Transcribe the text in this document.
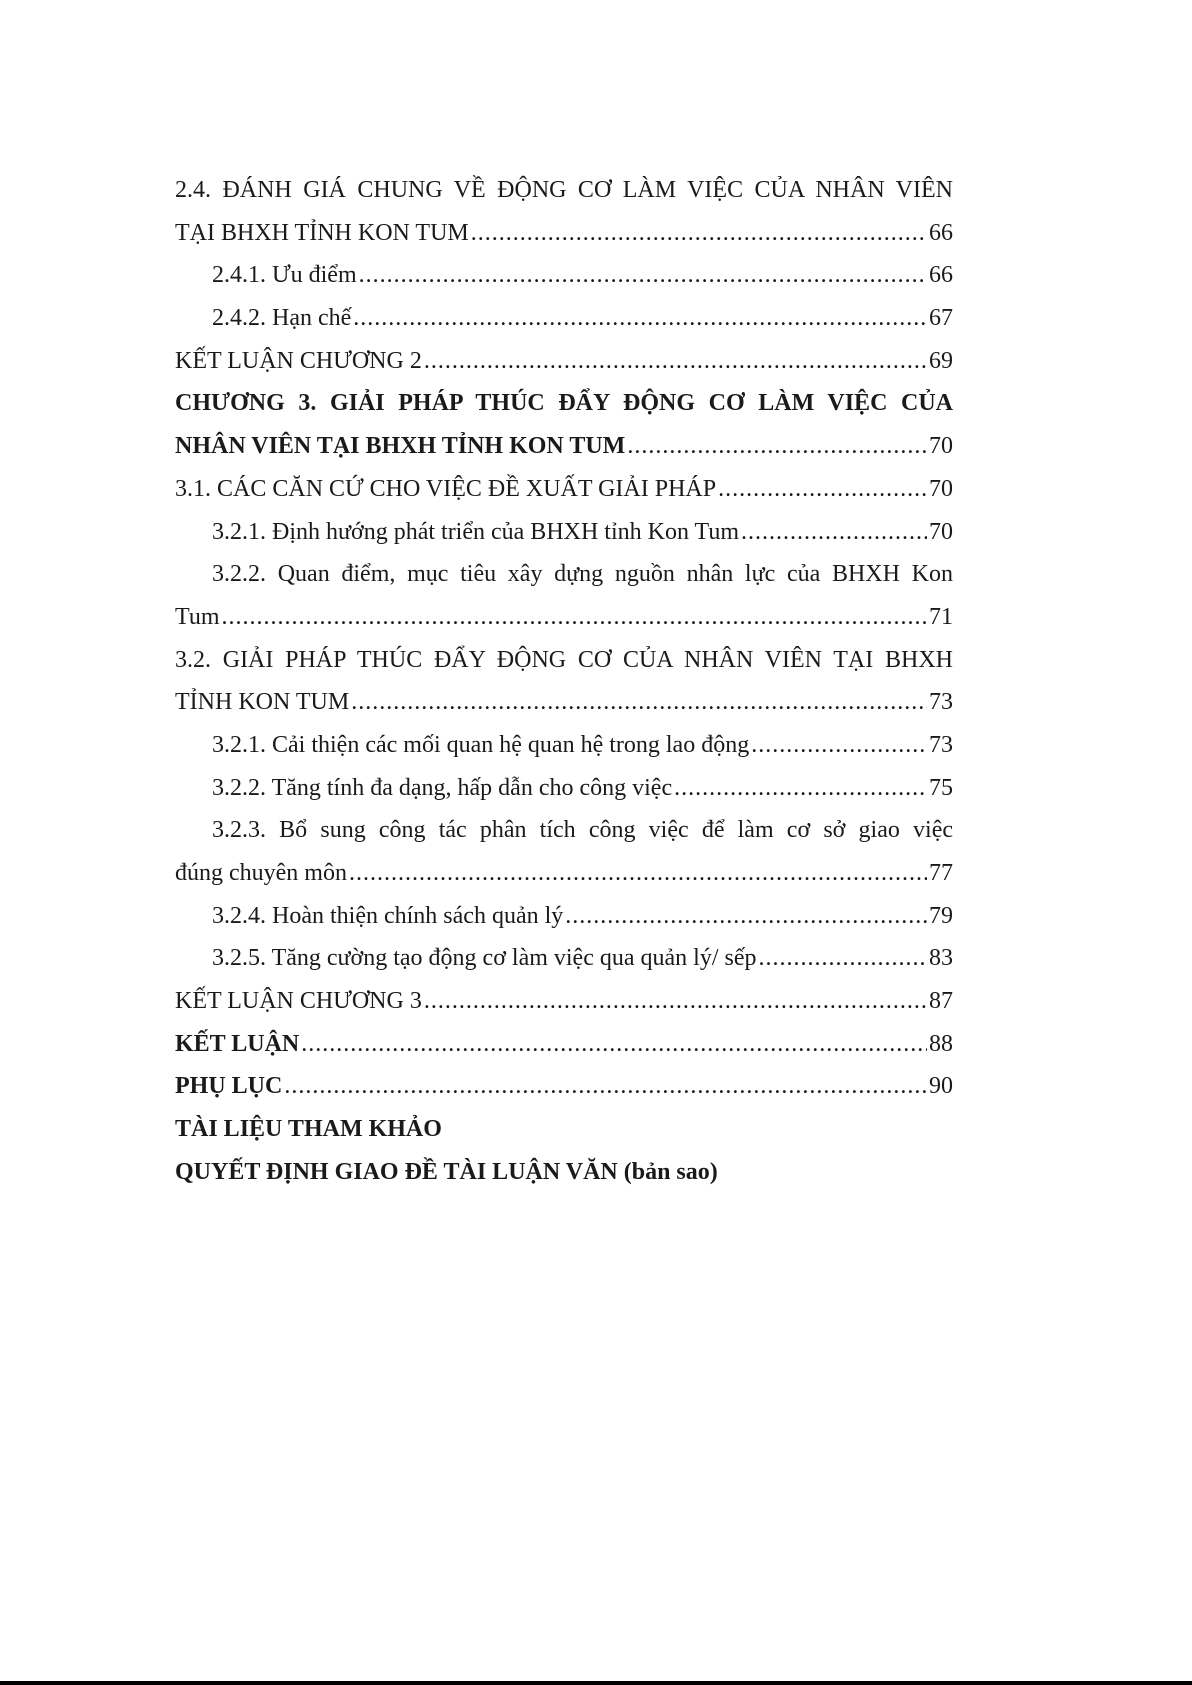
2.4. ĐÁNH GIÁ CHUNG VỀ ĐỘNG CƠ LÀM VIỆC CỦA NHÂN VIÊN
TẠI BHXH TỈNH KON TUM .....	66
2.4.1. Ưu điểm .....	66
2.4.2. Hạn chế .....	67
KẾT LUẬN CHƯƠNG 2 .....	69
CHƯƠNG 3. GIẢI PHÁP THÚC ĐẨY ĐỘNG CƠ LÀM VIỆC CỦA
NHÂN VIÊN TẠI BHXH TỈNH KON TUM .....	70
3.1. CÁC CĂN CỨ CHO VIỆC ĐỀ XUẤT GIẢI PHÁP .....	70
3.2.1. Định hướng phát triển của BHXH tỉnh Kon Tum .....	70
3.2.2. Quan điểm, mục tiêu xây dựng nguồn nhân lực của BHXH Kon
Tum .....	71
3.2. GIẢI PHÁP THÚC ĐẨY ĐỘNG CƠ CỦA NHÂN VIÊN TẠI BHXH
TỈNH KON TUM .....	73
3.2.1. Cải thiện các mối quan hệ quan hệ trong lao động .....	73
3.2.2. Tăng tính đa dạng, hấp dẫn cho công việc .....	75
3.2.3. Bổ sung công tác phân tích công việc để làm cơ sở giao việc
đúng chuyên môn .....	77
3.2.4. Hoàn thiện chính sách quản lý .....	79
3.2.5. Tăng cường tạo động cơ làm việc qua quản lý/ sếp .....	83
KẾT LUẬN CHƯƠNG 3 .....	87
KẾT LUẬN .....	88
PHỤ LỤC .....	90
TÀI LIỆU THAM KHẢO
QUYẾT ĐỊNH GIAO ĐỀ TÀI LUẬN VĂN (bản sao)
